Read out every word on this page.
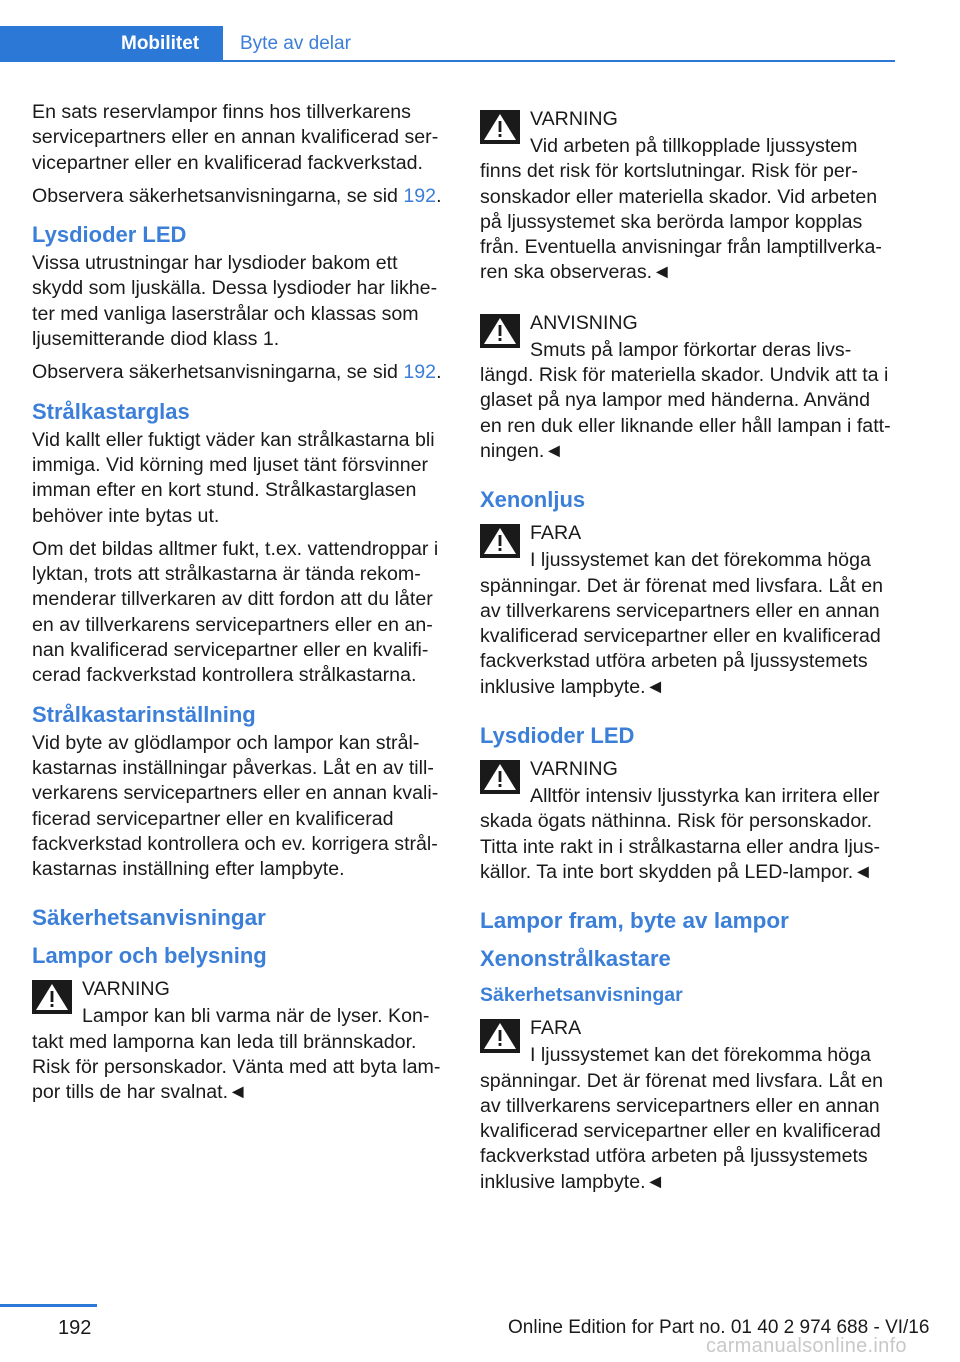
Mobilitet	Byte av delar

En sats reservlampor finns hos tillverkarens servicepartners eller en annan kvalificerad servicepartner eller en kvalificerad fackverkstad.

Observera säkerhetsanvisningarna, se sid 192.

Lysdioder LED

Vissa utrustningar har lysdioder bakom ett skydd som ljuskälla. Dessa lysdioder har likheter med vanliga laserstrålar och klassas som ljusemitterande diod klass 1.

Observera säkerhetsanvisningarna, se sid 192.

Strålkastarglas

Vid kallt eller fuktigt väder kan strålkastarna bli immiga. Vid körning med ljuset tänt försvinner imman efter en kort stund. Strålkastarglasen behöver inte bytas ut.

Om det bildas alltmer fukt, t.ex. vattendroppar i lyktan, trots att strålkastarna är tända rekommenderar tillverkaren av ditt fordon att du låter en av tillverkarens servicepartners eller en annan kvalificerad servicepartner eller en kvalificerad fackverkstad kontrollera strålkastarna.

Strålkastarinställning

Vid byte av glödlampor och lampor kan strålkastarnas inställningar påverkas. Låt en av tillverkarens servicepartners eller en annan kvalificerad servicepartner eller en kvalificerad fackverkstad kontrollera och ev. korrigera strålkastarnas inställning efter lampbyte.

Säkerhetsanvisningar
Lampor och belysning
VARNING
Lampor kan bli varma när de lyser. Kontakt med lamporna kan leda till brännskador. Risk för personskador. Vänta med att byta lampor tills de har svalnat.◄
VARNING
Vid arbeten på tillkopplade ljussystem finns det risk för kortslutningar. Risk för personskador eller materiella skador. Vid arbeten på ljussystemet ska berörda lampor kopplas från. Eventuella anvisningar från lamptillverkaren ska observeras.◄
ANVISNING
Smuts på lampor förkortar deras livslängd. Risk för materiella skador. Undvik att ta i glaset på nya lampor med händerna. Använd en ren duk eller liknande eller håll lampan i fattningen.◄
Xenonljus
FARA
I ljussystemet kan det förekomma höga spänningar. Det är förenat med livsfara. Låt en av tillverkarens servicepartners eller en annan kvalificerad servicepartner eller en kvalificerad fackverkstad utföra arbeten på ljussystemets inklusive lampbyte.◄
Lysdioder LED
VARNING
Alltför intensiv ljusstyrka kan irritera eller skada ögats näthinna. Risk för personskador. Titta inte rakt in i strålkastarna eller andra ljuskällor. Ta inte bort skydden på LED-lampor.◄
Lampor fram, byte av lampor
Xenonstrålkastare
Säkerhetsanvisningar
FARA
I ljussystemet kan det förekomma höga spänningar. Det är förenat med livsfara. Låt en av tillverkarens servicepartners eller en annan kvalificerad servicepartner eller en kvalificerad fackverkstad utföra arbeten på ljussystemets inklusive lampbyte.◄
192	Online Edition for Part no. 01 40 2 974 688 - VI/16
carmanualsonline.info
